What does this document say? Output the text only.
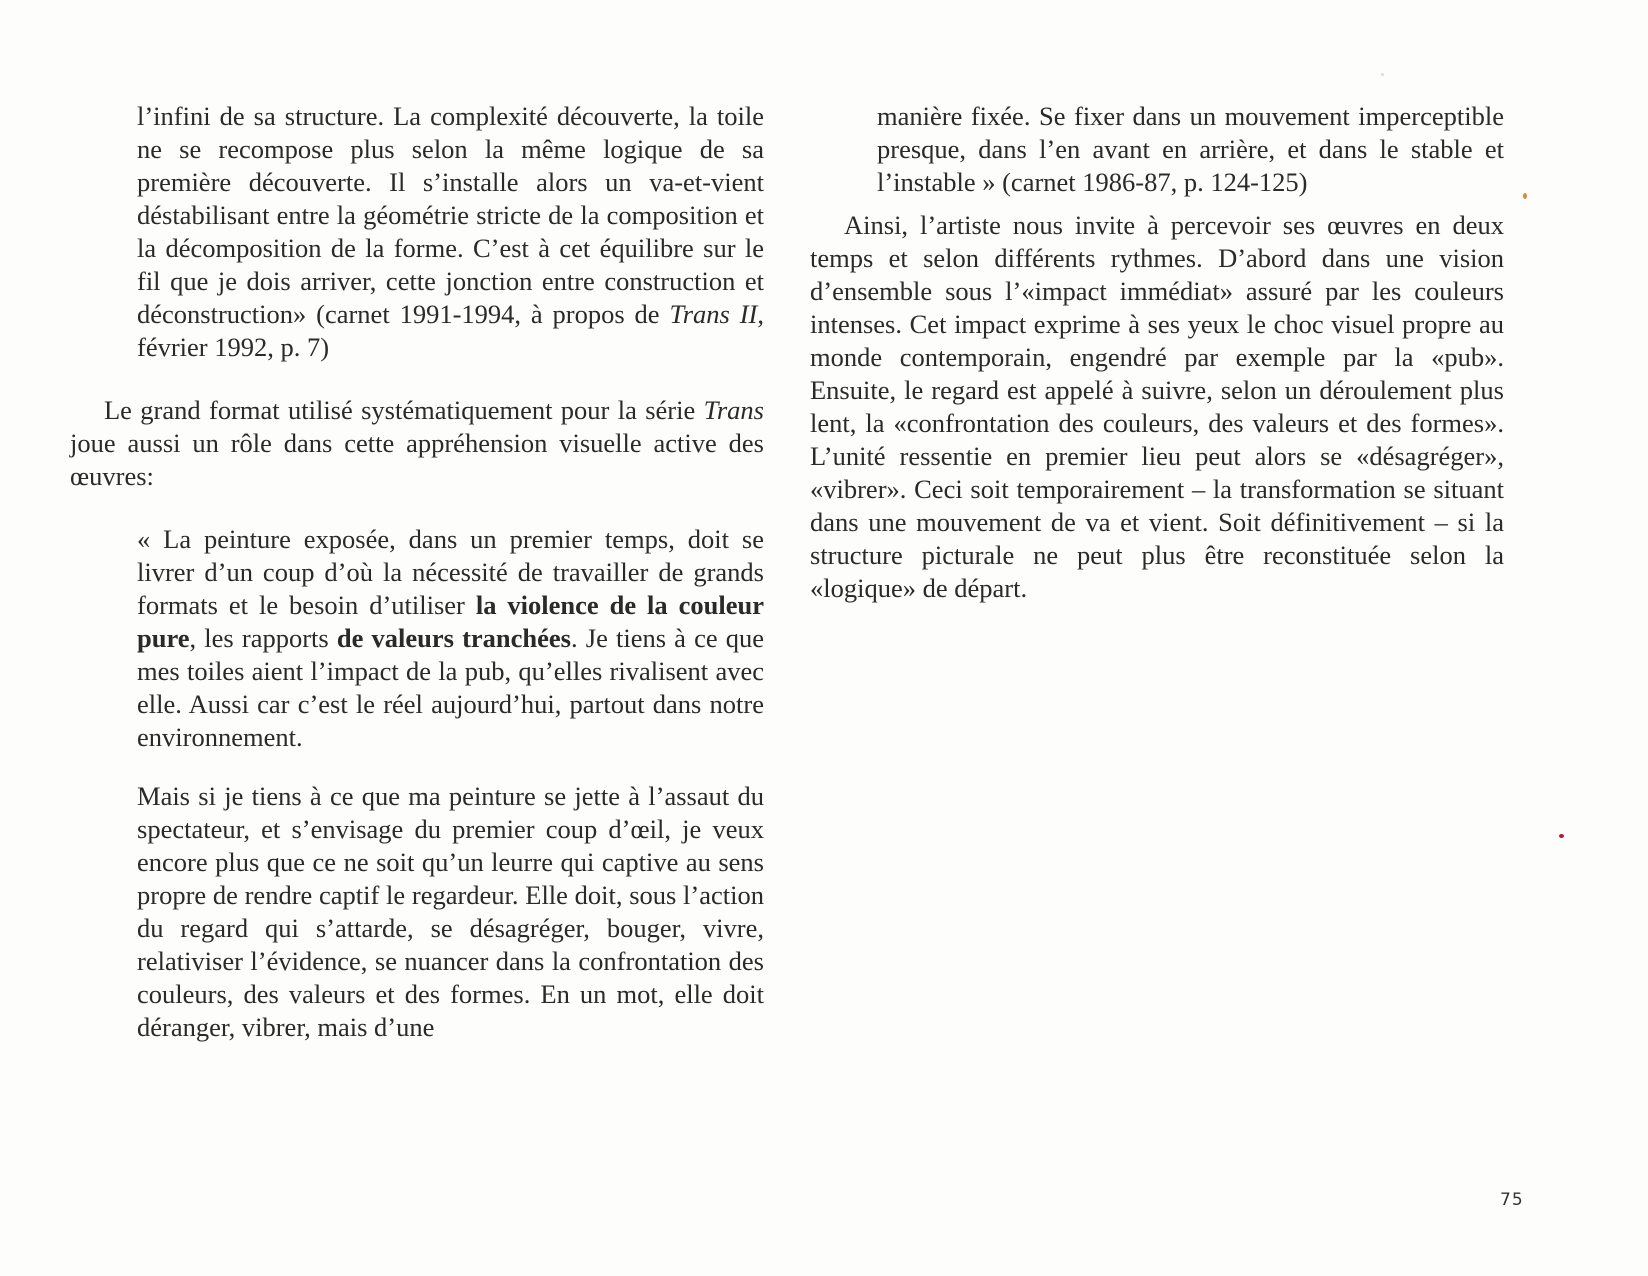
l’infini de sa structure. La complexité découverte, la toile ne se recompose plus selon la même logique de sa première découverte. Il s’installe alors un va-et-vient déstabilisant entre la géométrie stricte de la composition et la décomposition de la forme. C’est à cet équilibre sur le fil que je dois arriver, cette jonction entre construction et déconstruction» (carnet 1991-1994, à propos de Trans II, février 1992, p. 7)

Le grand format utilisé systématiquement pour la série Trans joue aussi un rôle dans cette appréhension visuelle active des œuvres:

« La peinture exposée, dans un premier temps, doit se livrer d’un coup d’où la nécessité de travailler de grands formats et le besoin d’utiliser la violence de la couleur pure, les rapports de valeurs tranchées. Je tiens à ce que mes toiles aient l’impact de la pub, qu’elles rivalisent avec elle. Aussi car c’est le réel aujourd’hui, partout dans notre environnement.

Mais si je tiens à ce que ma peinture se jette à l’assaut du spectateur, et s’envisage du premier coup d’œil, je veux encore plus que ce ne soit qu’un leurre qui captive au sens propre de rendre captif le regardeur. Elle doit, sous l’action du regard qui s’attarde, se désagréger, bouger, vivre, relativiser l’évidence, se nuancer dans la confrontation des couleurs, des valeurs et des formes. En un mot, elle doit déranger, vibrer, mais d’une

manière fixée. Se fixer dans un mouvement imperceptible presque, dans l’en avant en arrière, et dans le stable et l’instable » (carnet 1986-87, p. 124-125)

Ainsi, l’artiste nous invite à percevoir ses œuvres en deux temps et selon différents rythmes. D’abord dans une vision d’ensemble sous l’«impact immédiat» assuré par les couleurs intenses. Cet impact exprime à ses yeux le choc visuel propre au monde contemporain, engendré par exemple par la «pub». Ensuite, le regard est appelé à suivre, selon un déroulement plus lent, la «confrontation des couleurs, des valeurs et des formes». L’unité ressentie en premier lieu peut alors se «désagréger», «vibrer». Ceci soit temporairement – la transformation se situant dans une mouvement de va et vient. Soit définitivement – si la structure picturale ne peut plus être reconstituée selon la «logique» de départ.

75
